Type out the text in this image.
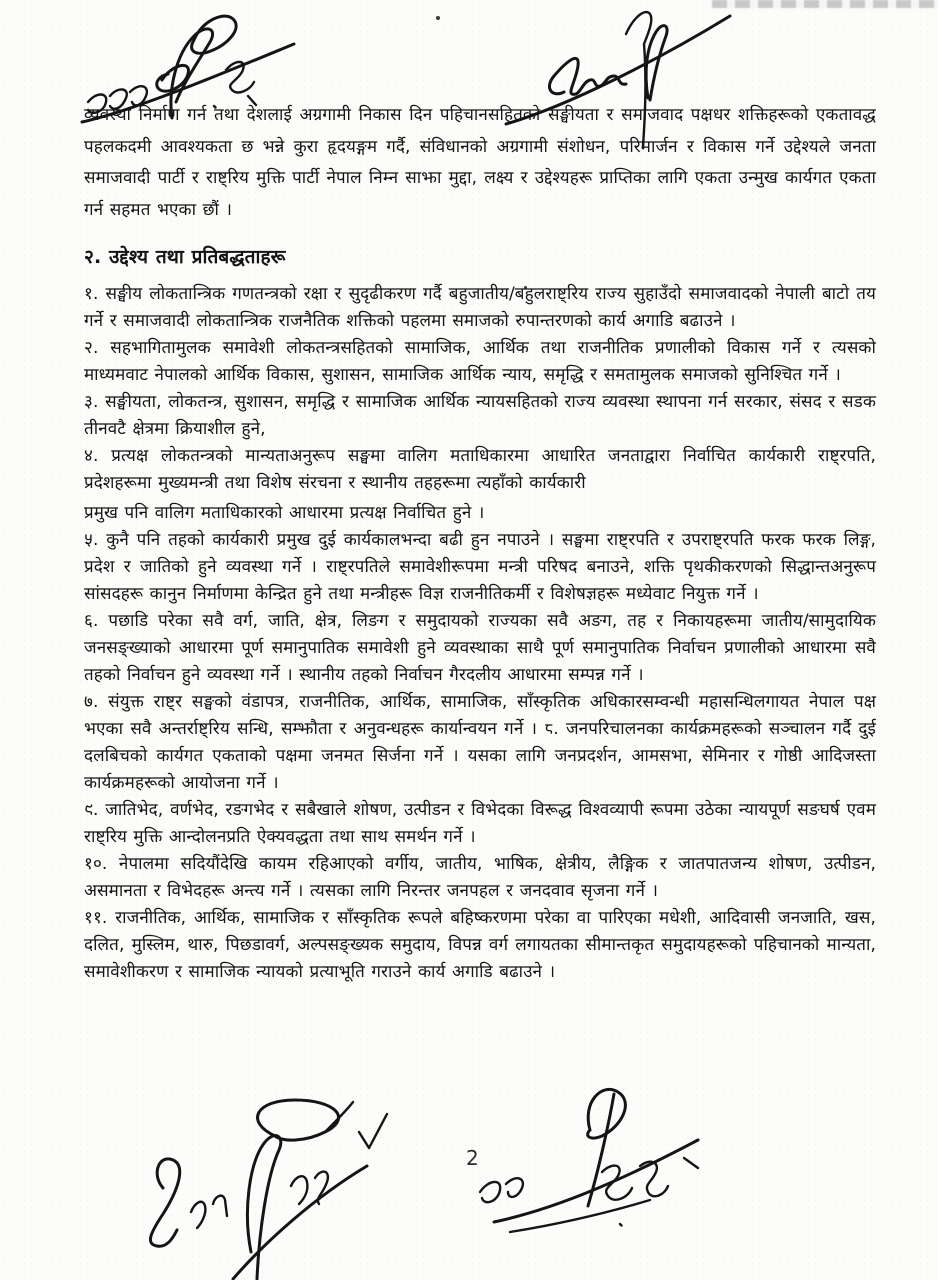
व्यवस्था निर्माण गर्न तथा देशलाई अग्रगामी निकास दिन पहिचानसहितको सङ्घीयता र समाजवाद पक्षधर शक्तिहरूको एकतावद्ध पहलकदमी आवश्यकता छ भन्ने कुरा हृदयङ्गम गर्दै, संविधानको अग्रगामी संशोधन, परिमार्जन र विकास गर्ने उद्देश्यले जनता समाजवादी पार्टी र राष्ट्रिय मुक्ति पार्टी नेपाल निम्न साझा मुद्दा, लक्ष्य र उद्देश्यहरू प्राप्तिका लागि एकता उन्मुख कार्यगत एकता गर्न सहमत भएका छौं ।

२. उद्देश्य तथा प्रतिबद्धताहरू

१. सङ्घीय लोकतान्त्रिक गणतन्त्रको रक्षा र सुदृढीकरण गर्दै बहुजातीय/बहुलराष्ट्रिय राज्य सुहाउँदो समाजवादको नेपाली बाटो तय गर्ने र समाजवादी लोकतान्त्रिक राजनैतिक शक्तिको पहलमा समाजको रुपान्तरणको कार्य अगाडि बढाउने ।

२. सहभागितामुलक समावेशी लोकतन्त्रसहितको सामाजिक, आर्थिक तथा राजनीतिक प्रणालीको विकास गर्ने र त्यसको माध्यमवाट नेपालको आर्थिक विकास, सुशासन, सामाजिक आर्थिक न्याय, समृद्धि र समतामुलक समाजको सुनिश्चित गर्ने ।

३. सङ्घीयता, लोकतन्त्र, सुशासन, समृद्धि र सामाजिक आर्थिक न्यायसहितको राज्य व्यवस्था स्थापना गर्न सरकार, संसद र सडक तीनवटै क्षेत्रमा क्रियाशील हुने,

४. प्रत्यक्ष लोकतन्त्रको मान्यताअनुरूप सङ्घमा वालिग मताधिकारमा आधारित जनताद्वारा निर्वाचित कार्यकारी राष्ट्रपति, प्रदेशहरूमा मुख्यमन्त्री तथा विशेष संरचना र स्थानीय तहहरूमा त्यहाँको कार्यकारी

प्रमुख पनि वालिग मताधिकारको आधारमा प्रत्यक्ष निर्वाचित हुने ।

५. कुनै पनि तहको कार्यकारी प्रमुख दुई कार्यकालभन्दा बढी हुन नपाउने । सङ्घमा राष्ट्रपति र उपराष्ट्रपति फरक फरक लिङ्ग, प्रदेश र जातिको हुने व्यवस्था गर्ने । राष्ट्रपतिले समावेशीरूपमा मन्त्री परिषद बनाउने, शक्ति पृथकीकरणको सिद्धान्तअनुरूप सांसदहरू कानुन निर्माणमा केन्द्रित हुने तथा मन्त्रीहरू विज्ञ राजनीतिकर्मी र विशेषज्ञहरू मध्येवाट नियुक्त गर्ने ।

६. पछाडि परेका सवै वर्ग, जाति, क्षेत्र, लिङग र समुदायको राज्यका सवै अङग, तह र निकायहरूमा जातीय/सामुदायिक जनसङ्ख्याको आधारमा पूर्ण समानुपातिक समावेशी हुने व्यवस्थाका साथै पूर्ण समानुपातिक निर्वाचन प्रणालीको आधारमा सवै तहको निर्वाचन हुने व्यवस्था गर्ने । स्थानीय तहको निर्वाचन गैरदलीय आधारमा सम्पन्न गर्ने ।

७. संयुक्त राष्ट्र सङ्घको वंडापत्र, राजनीतिक, आर्थिक, सामाजिक, साँस्कृतिक अधिकारसम्वन्धी महासन्धिलगायत नेपाल पक्ष भएका सवै अन्तर्राष्ट्रिय सन्धि, सम्झौता र अनुवन्धहरू कार्यान्वयन गर्ने । ८. जनपरिचालनका कार्यक्रमहरूको सञ्चालन गर्दै दुई दलबिचको कार्यगत एकताको पक्षमा जनमत सिर्जना गर्ने । यसका लागि जनप्रदर्शन, आमसभा, सेमिनार र गोष्ठी आदिजस्ता कार्यक्रमहरूको आयोजना गर्ने ।

९. जातिभेद, वर्णभेद, रङगभेद र सबैखाले शोषण, उत्पीडन र विभेदका विरूद्ध विश्वव्यापी रूपमा उठेका न्यायपूर्ण सङघर्ष एवम राष्ट्रिय मुक्ति आन्दोलनप्रति ऐक्यवद्धता तथा साथ समर्थन गर्ने ।

१०. नेपालमा सदियौंदेखि कायम रहिआएको वर्गीय, जातीय, भाषिक, क्षेत्रीय, लैङ्गिक र जातपातजन्य शोषण, उत्पीडन, असमानता र विभेदहरू अन्त्य गर्ने । त्यसका लागि निरन्तर जनपहल र जनदवाव सृजना गर्ने ।

११. राजनीतिक, आर्थिक, सामाजिक र साँस्कृतिक रूपले बहिष्करणमा परेका वा पारिएका मधेशी, आदिवासी जनजाति, खस, दलित, मुस्लिम, थारु, पिछडावर्ग, अल्पसङ्ख्यक समुदाय, विपन्न वर्ग लगायतका सीमान्तकृत समुदायहरूको पहिचानको मान्यता, समावेशीकरण र सामाजिक न्यायको प्रत्याभूति गराउने कार्य अगाडि बढाउने ।

2
